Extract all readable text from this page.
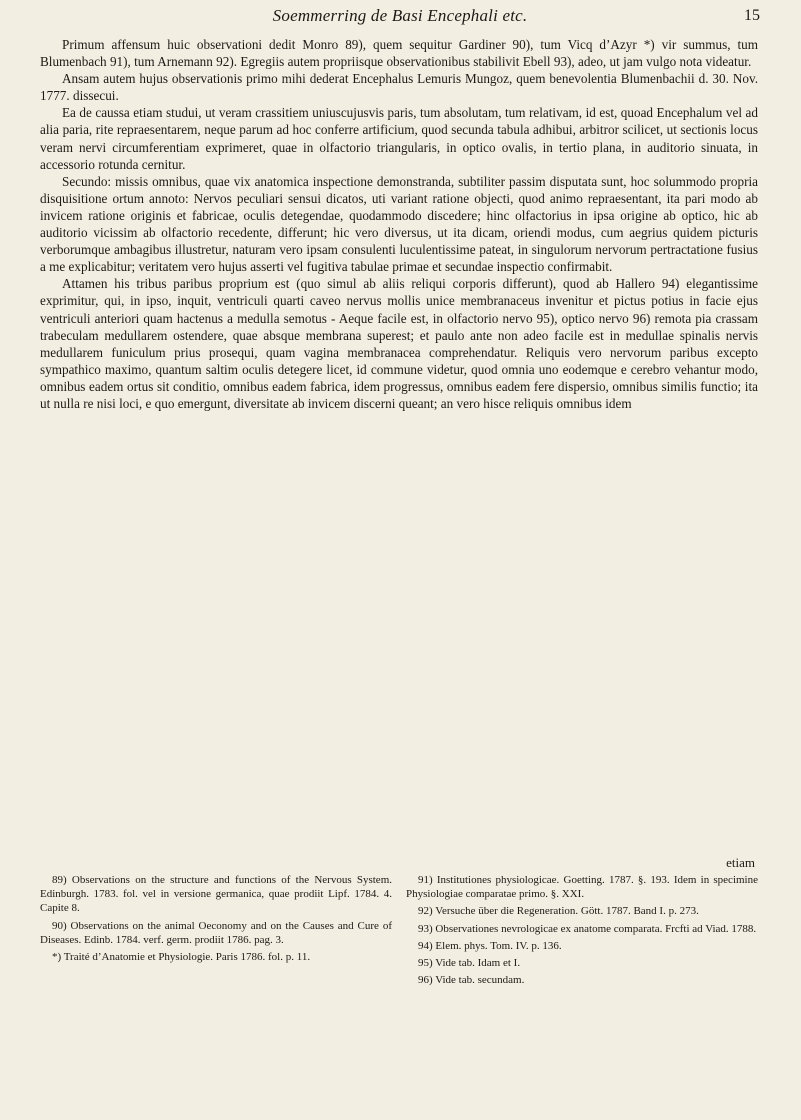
Soemmerring de Basi Encephali etc.	15

Primum affensum huic observationi dedit Monro 89), quem sequitur Gardiner 90), tum Vicq d’Azyr *) vir summus, tum Blumenbach 91), tum Arnemann 92). Egregiis autem propriisque observationibus stabilivit Ebell 93), adeo, ut jam vulgo nota videatur.

Ansam autem hujus observationis primo mihi dederat Encephalus Lemuris Mungoz, quem benevolentia Blumenbachii d. 30. Nov. 1777. dissecui.

Ea de caussa etiam studui, ut veram crassitiem uniuscujusvis paris, tum absolutam, tum relativam, id est, quoad Encephalum vel ad alia paria, rite repraesentarem, neque parum ad hoc conferre artificium, quod secunda tabula adhibui, arbitror scilicet, ut sectionis locus veram nervi circumferentiam exprimeret, quae in olfactorio triangularis, in optico ovalis, in tertio plana, in auditorio sinuata, in accessorio rotunda cernitur.

Secundo: missis omnibus, quae vix anatomica inspectione demonstranda, subtiliter passim disputata sunt, hoc solummodo propria disquisitione ortum annoto: Nervos peculiari sensui dicatos, uti variant ratione objecti, quod animo repraesentant, ita pari modo ab invicem ratione originis et fabricae, oculis detegendae, quodammodo discedere; hinc olfactorius in ipsa origine ab optico, hic ab auditorio vicissim ab olfactorio recedente, differunt; hic vero diversus, ut ita dicam, oriendi modus, cum aegrius quidem picturis verborumque ambagibus illustretur, naturam vero ipsam consulenti luculentissime pateat, in singulorum nervorum pertractatione fusius a me explicabitur; veritatem vero hujus asserti vel fugitiva tabulae primae et secundae inspectio confirmabit.

Attamen his tribus paribus proprium est (quo simul ab aliis reliqui corporis differunt), quod ab Hallero 94) elegantissime exprimitur, qui, in ipso, inquit, ventriculi quarti caveo nervus mollis unice membranaceus invenitur et pictus potius in facie ejus ventriculi anteriori quam hactenus a medulla semotus - Aeque facile est, in olfactorio nervo 95), optico nervo 96) remota pia crassam trabeculam medullarem ostendere, quae absque membrana superest; et paulo ante non adeo facile est in medullae spinalis nervis medullarem funiculum prius prosequi, quam vagina membranacea comprehendatur. Reliquis vero nervorum paribus excepto sympathico maximo, quantum saltim oculis detegere licet, id commune videtur, quod omnia uno eodemque e cerebro vehantur modo, omnibus eadem ortus sit conditio, omnibus eadem fabrica, idem progressus, omnibus eadem fere dispersio, omnibus similis functio; ita ut nulla re nisi loci, e quo emergunt, diversitate ab invicem discerni queant; an vero hisce reliquis omnibus idem

etiam

89) Observations on the structure and functions of the Nervous System. Edinburgh. 1783. fol. vel in versione germanica, quae prodiit Lipf. 1784. 4. Capite 8.

90) Observations on the animal Oeconomy and on the Causes and Cure of Diseases. Edinb. 1784. verf. germ. prodiit 1786. pag. 3.

*) Traité d’Anatomie et Physiologie. Paris 1786. fol. p. 11.

91) Institutiones physiologicae. Goetting. 1787. §. 193. Idem in specimine Physiologiae comparatae primo. §. XXI.

92) Versuche über die Regeneration. Gött. 1787. Band I. p. 273.

93) Observationes nevrologicae ex anatome comparata. Frcfti ad Viad. 1788.

94) Elem. phys. Tom. IV. p. 136.

95) Vide tab. Idam et I.

96) Vide tab. secundam.
